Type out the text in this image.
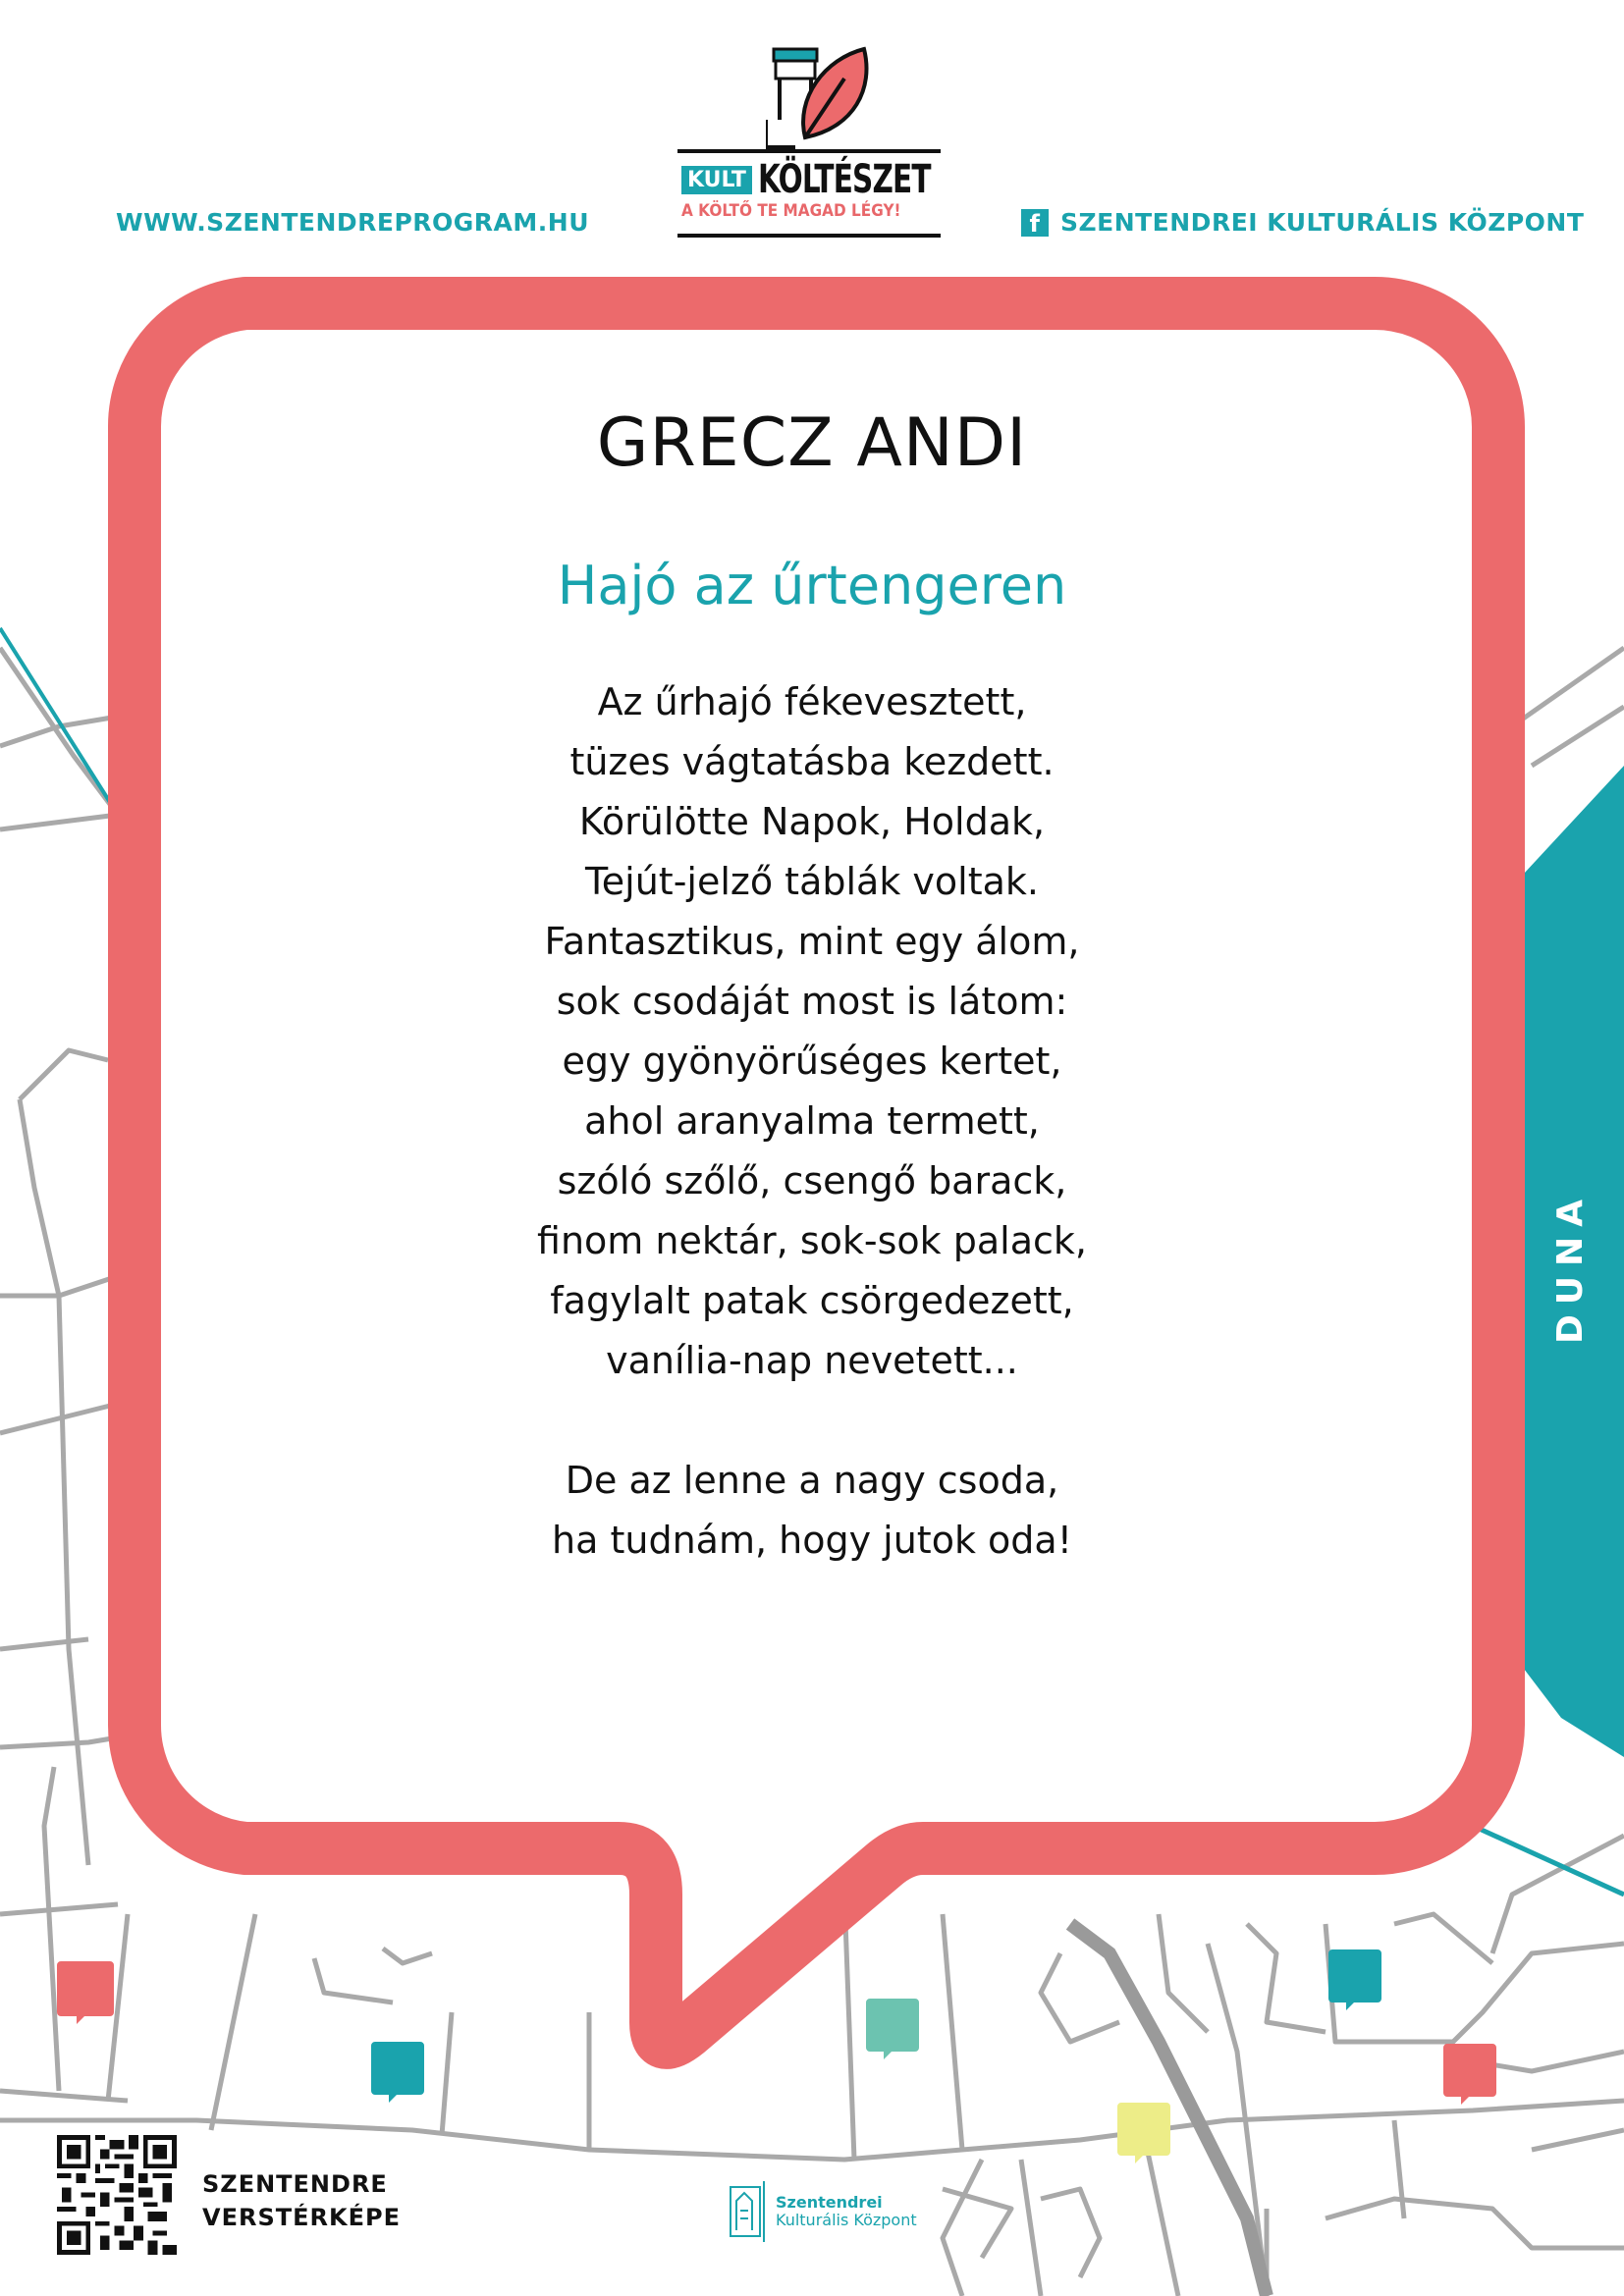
WWW.SZENTENDREPROGRAM.HU	f SZENTENDREI KULTURÁLIS KÖZPONT
KULT KÖLTÉSZET
A KÖLTŐ TE MAGAD LÉGY!
GRECZ ANDI
Hajó az űrtengeren
Az űrhajó fékevesztett,
tüzes vágtatásba kezdett.
Körülötte Napok, Holdak,
Tejút-jelző táblák voltak.
Fantasztikus, mint egy álom,
sok csodáját most is látom:
egy gyönyörűséges kertet,
ahol aranyalma termett,
szóló szőlő, csengő barack,
finom nektár, sok-sok palack,
fagylalt patak csörgedezett,
vanília-nap nevetett...
De az lenne a nagy csoda,
ha tudnám, hogy jutok oda!
DUNA
SZENTENDRE
VERSTÉRKÉPE
Szentendrei
Kulturális Központ
